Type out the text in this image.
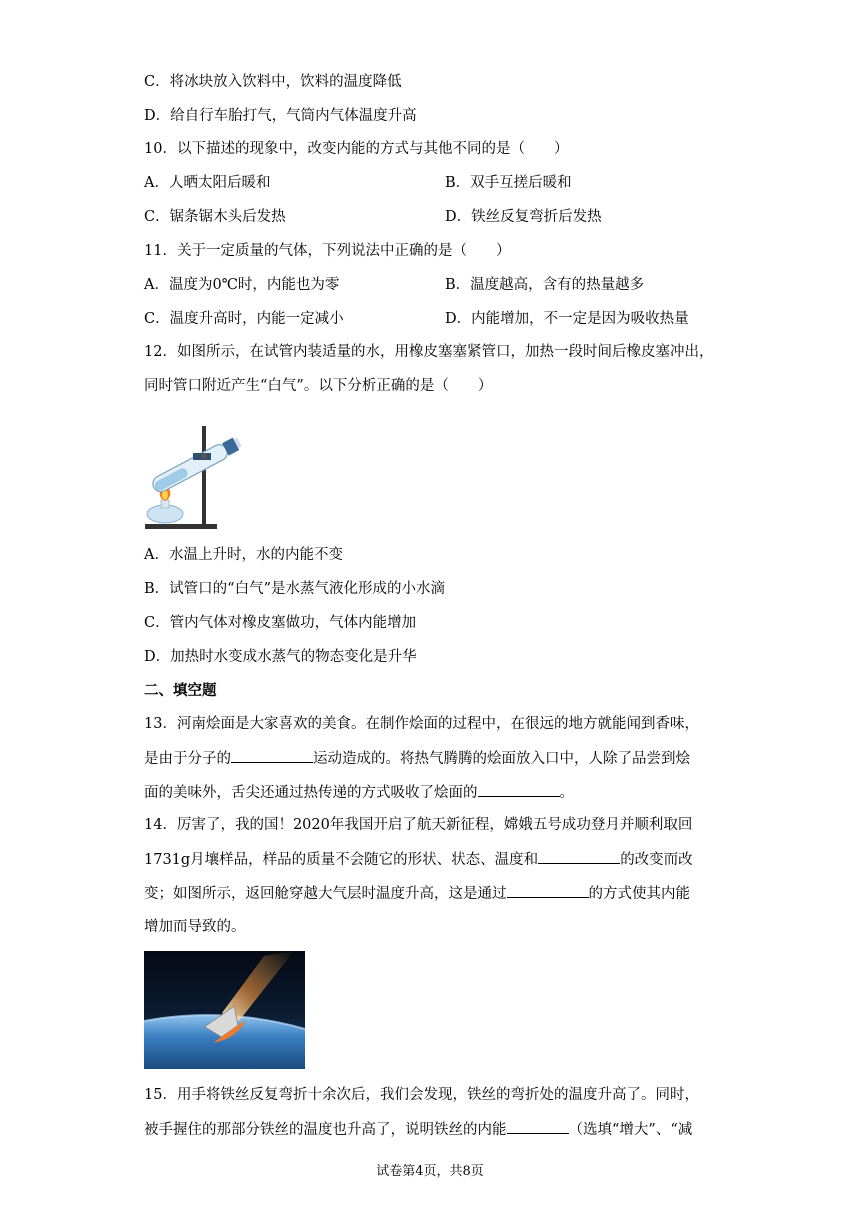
C．将冰块放入饮料中，饮料的温度降低
D．给自行车胎打气，气筒内气体温度升高
10．以下描述的现象中，改变内能的方式与其他不同的是（　　）
A．人晒太阳后暖和	B．双手互搓后暖和
C．锯条锯木头后发热	D．铁丝反复弯折后发热
11．关于一定质量的气体，下列说法中正确的是（　　）
A．温度为0℃时，内能也为零	B．温度越高，含有的热量越多
C．温度升高时，内能一定减小	D．内能增加，不一定是因为吸收热量
12．如图所示，在试管内装适量的水，用橡皮塞塞紧管口，加热一段时间后橡皮塞冲出，
同时管口附近产生“白气”。以下分析正确的是（　　）
A．水温上升时，水的内能不变
B．试管口的“白气”是水蒸气液化形成的小水滴
C．管内气体对橡皮塞做功，气体内能增加
D．加热时水变成水蒸气的物态变化是升华
二、填空题
13．河南烩面是大家喜欢的美食。在制作烩面的过程中，在很远的地方就能闻到香味，
是由于分子的	运动造成的。将热气腾腾的烩面放入口中，人除了品尝到烩
面的美味外，舌尖还通过热传递的方式吸收了烩面的	。
14．厉害了，我的国！2020年我国开启了航天新征程，嫦娥五号成功登月并顺利取回
1731g月壤样品，样品的质量不会随它的形状、状态、温度和	的改变而改
变；如图所示，返回舱穿越大气层时温度升高，这是通过	的方式使其内能
增加而导致的。
15．用手将铁丝反复弯折十余次后，我们会发现，铁丝的弯折处的温度升高了。同时，
被手握住的那部分铁丝的温度也升高了，说明铁丝的内能	（选填“增大”、“减
试卷第4页，共8页
